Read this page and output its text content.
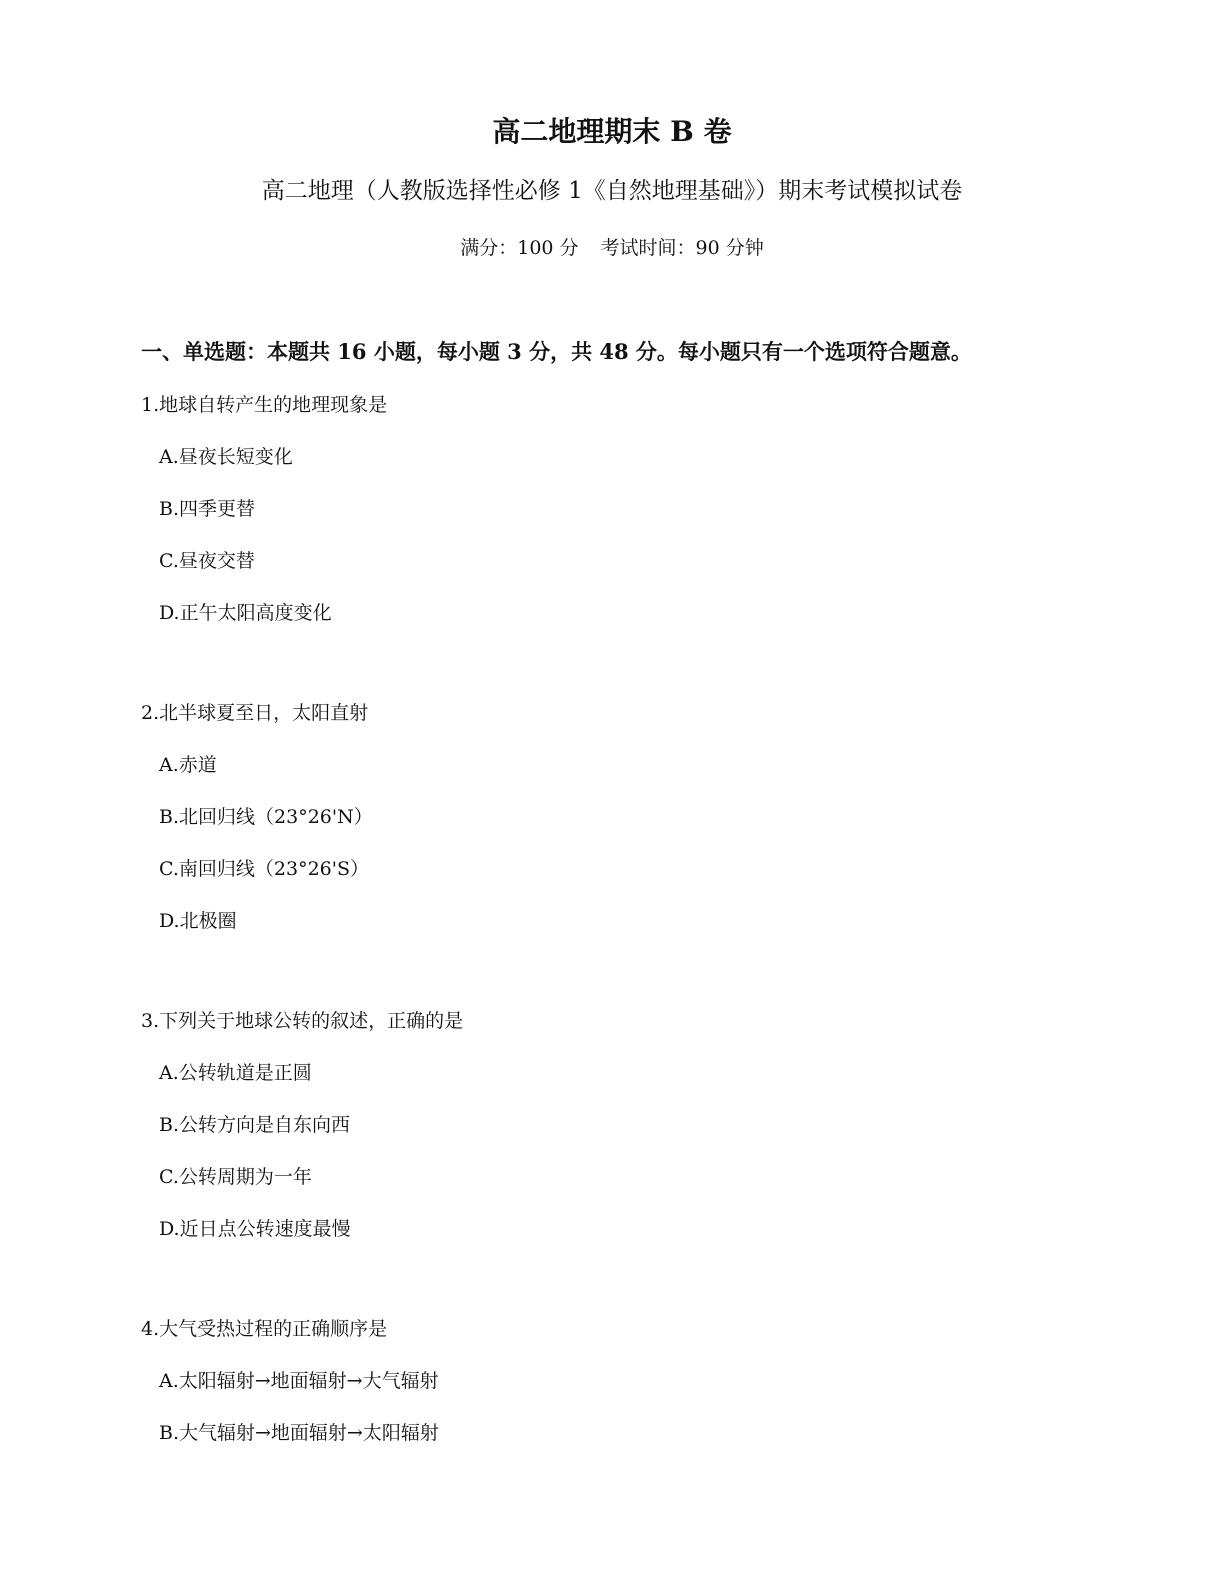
高二地理期末 B 卷
高二地理（人教版选择性必修 1《自然地理基础》）期末考试模拟试卷
满分：100 分 考试时间：90 分钟
一、单选题：本题共 16 小题，每小题 3 分，共 48 分。每小题只有一个选项符合题意。
1.地球自转产生的地理现象是
A.昼夜长短变化
B.四季更替
C.昼夜交替
D.正午太阳高度变化
2.北半球夏至日，太阳直射
A.赤道
B.北回归线（23°26'N）
C.南回归线（23°26'S）
D.北极圈
3.下列关于地球公转的叙述，正确的是
A.公转轨道是正圆
B.公转方向是自东向西
C.公转周期为一年
D.近日点公转速度最慢
4.大气受热过程的正确顺序是
A.太阳辐射→地面辐射→大气辐射
B.大气辐射→地面辐射→太阳辐射
